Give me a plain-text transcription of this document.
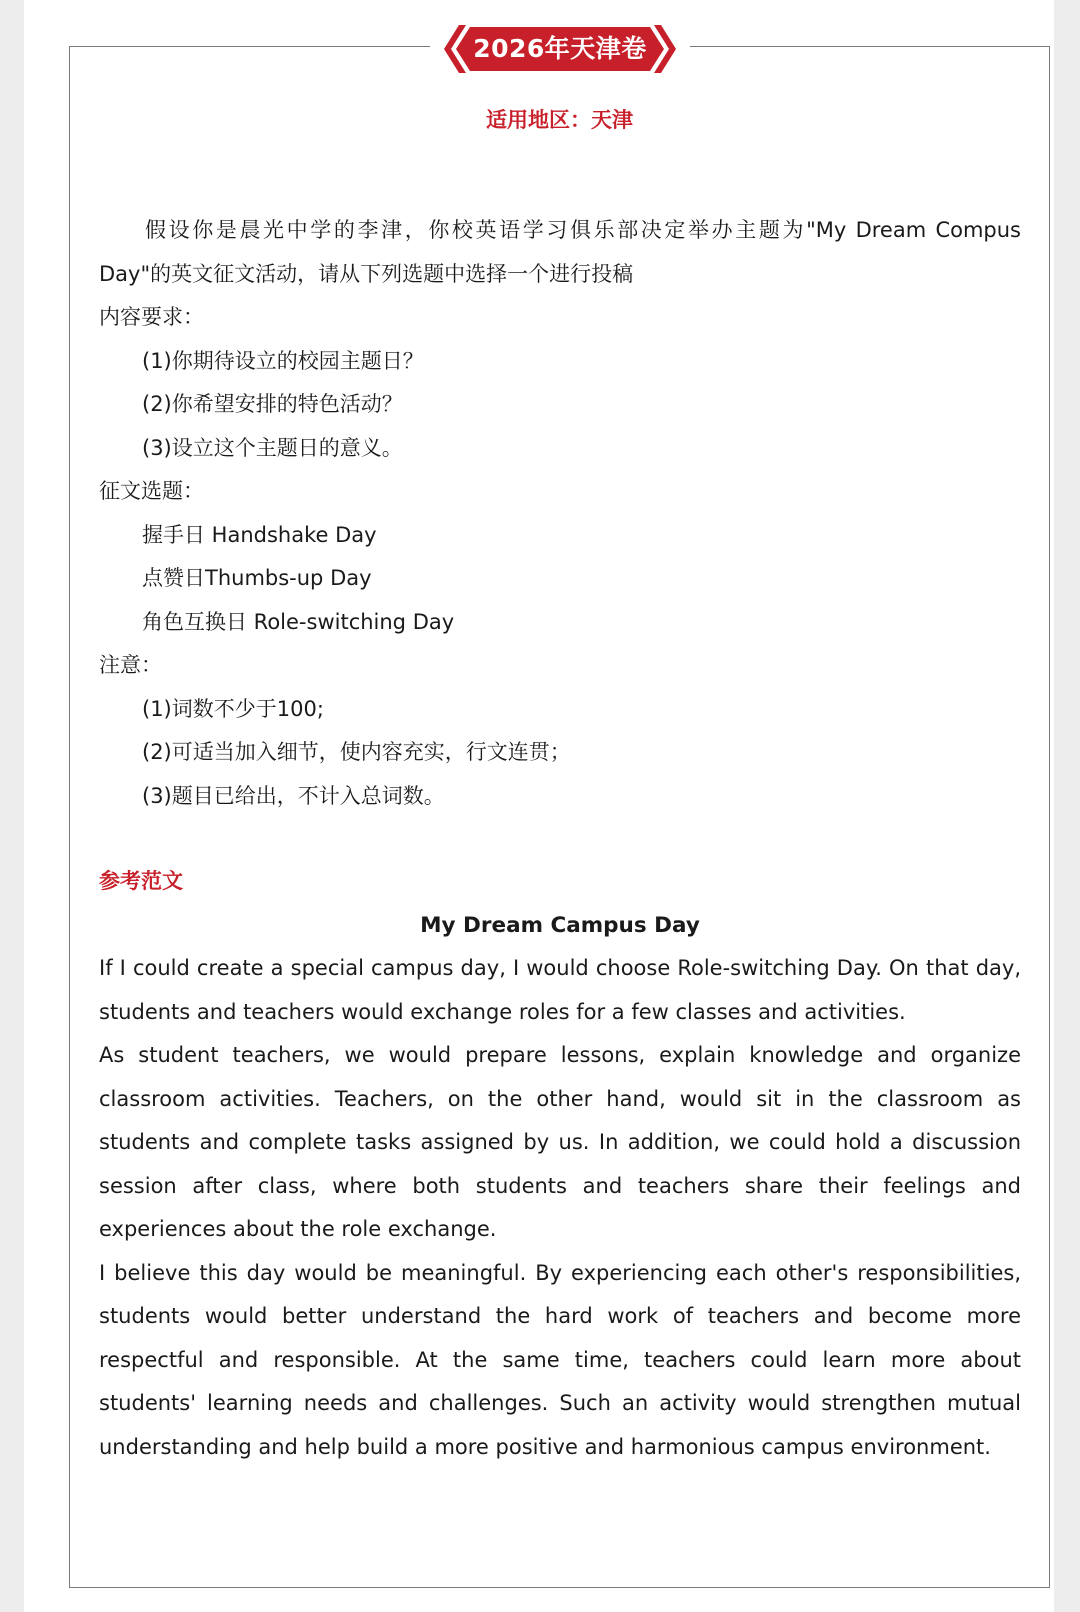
2026年天津卷
适用地区：天津

假设你是晨光中学的李津，你校英语学习俱乐部决定举办主题为"My Dream Compus Day"的英文征文活动，请从下列选题中选择一个进行投稿

内容要求：

(1)你期待设立的校园主题日？

(2)你希望安排的特色活动？

(3)设立这个主题日的意义。

征文选题：

握手日 Handshake Day

点赞日Thumbs-up Day

角色互换日 Role-switching Day

注意：

(1)词数不少于100;

(2)可适当加入细节，使内容充实，行文连贯；

(3)题目已给出，不计入总词数。

参考范文

My Dream Campus Day

If I could create a special campus day, I would choose Role-switching Day. On that day, students and teachers would exchange roles for a few classes and activities.

As student teachers, we would prepare lessons, explain knowledge and organize classroom activities. Teachers, on the other hand, would sit in the classroom as students and complete tasks assigned by us. In addition, we could hold a discussion session after class, where both students and teachers share their feelings and experiences about the role exchange.

I believe this day would be meaningful. By experiencing each other's responsibilities, students would better understand the hard work of teachers and become more respectful and responsible. At the same time, teachers could learn more about students' learning needs and challenges. Such an activity would strengthen mutual understanding and help build a more positive and harmonious campus environment.
